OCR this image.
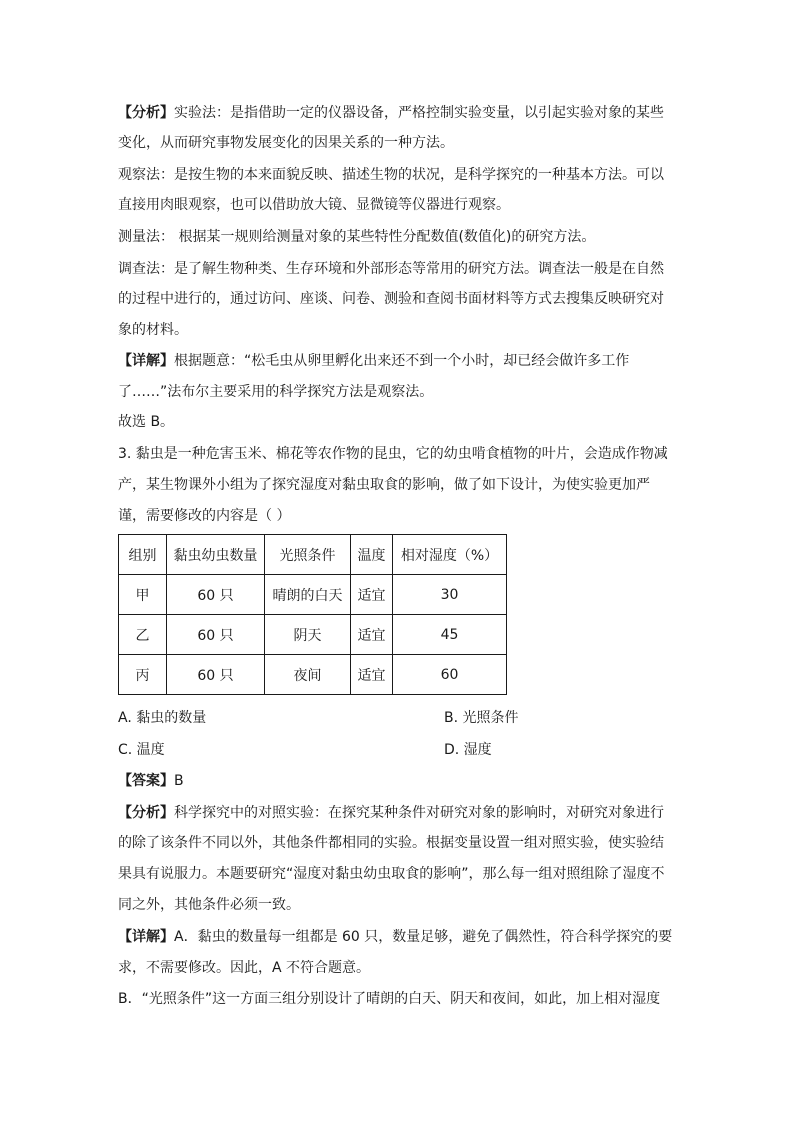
【分析】实验法：是指借助一定的仪器设备，严格控制实验变量，以引起实验对象的某些
变化，从而研究事物发展变化的因果关系的一种方法。
观察法：是按生物的本来面貌反映、描述生物的状况，是科学探究的一种基本方法。可以
直接用肉眼观察，也可以借助放大镜、显微镜等仪器进行观察。
测量法： 根据某一规则给测量对象的某些特性分配数值(数值化)的研究方法。
调查法：是了解生物种类、生存环境和外部形态等常用的研究方法。调查法一般是在自然
的过程中进行的，通过访问、座谈、问卷、测验和查阅书面材料等方式去搜集反映研究对
象的材料。
【详解】根据题意：“松毛虫从卵里孵化出来还不到一个小时，却已经会做许多工作
了……”法布尔主要采用的科学探究方法是观察法。
故选 B。
3. 黏虫是一种危害玉米、棉花等农作物的昆虫，它的幼虫啃食植物的叶片，会造成作物减
产，某生物课外小组为了探究湿度对黏虫取食的影响，做了如下设计，为使实验更加严
谨，需要修改的内容是（ ）
组别	黏虫幼虫数量	光照条件	温度	相对湿度（%）
甲	60 只	晴朗的白天	适宜	30
乙	60 只	阴天	适宜	45
丙	60 只	夜间	适宜	60
A. 黏虫的数量	B. 光照条件
C. 温度	D. 湿度
【答案】B
【分析】科学探究中的对照实验：在探究某种条件对研究对象的影响时，对研究对象进行
的除了该条件不同以外，其他条件都相同的实验。根据变量设置一组对照实验，使实验结
果具有说服力。本题要研究“湿度对黏虫幼虫取食的影响”，那么每一组对照组除了湿度不
同之外，其他条件必须一致。
【详解】A．黏虫的数量每一组都是 60 只，数量足够，避免了偶然性，符合科学探究的要
求，不需要修改。因此，A 不符合题意。
B．“光照条件”这一方面三组分别设计了晴朗的白天、阴天和夜间，如此，加上相对湿度
